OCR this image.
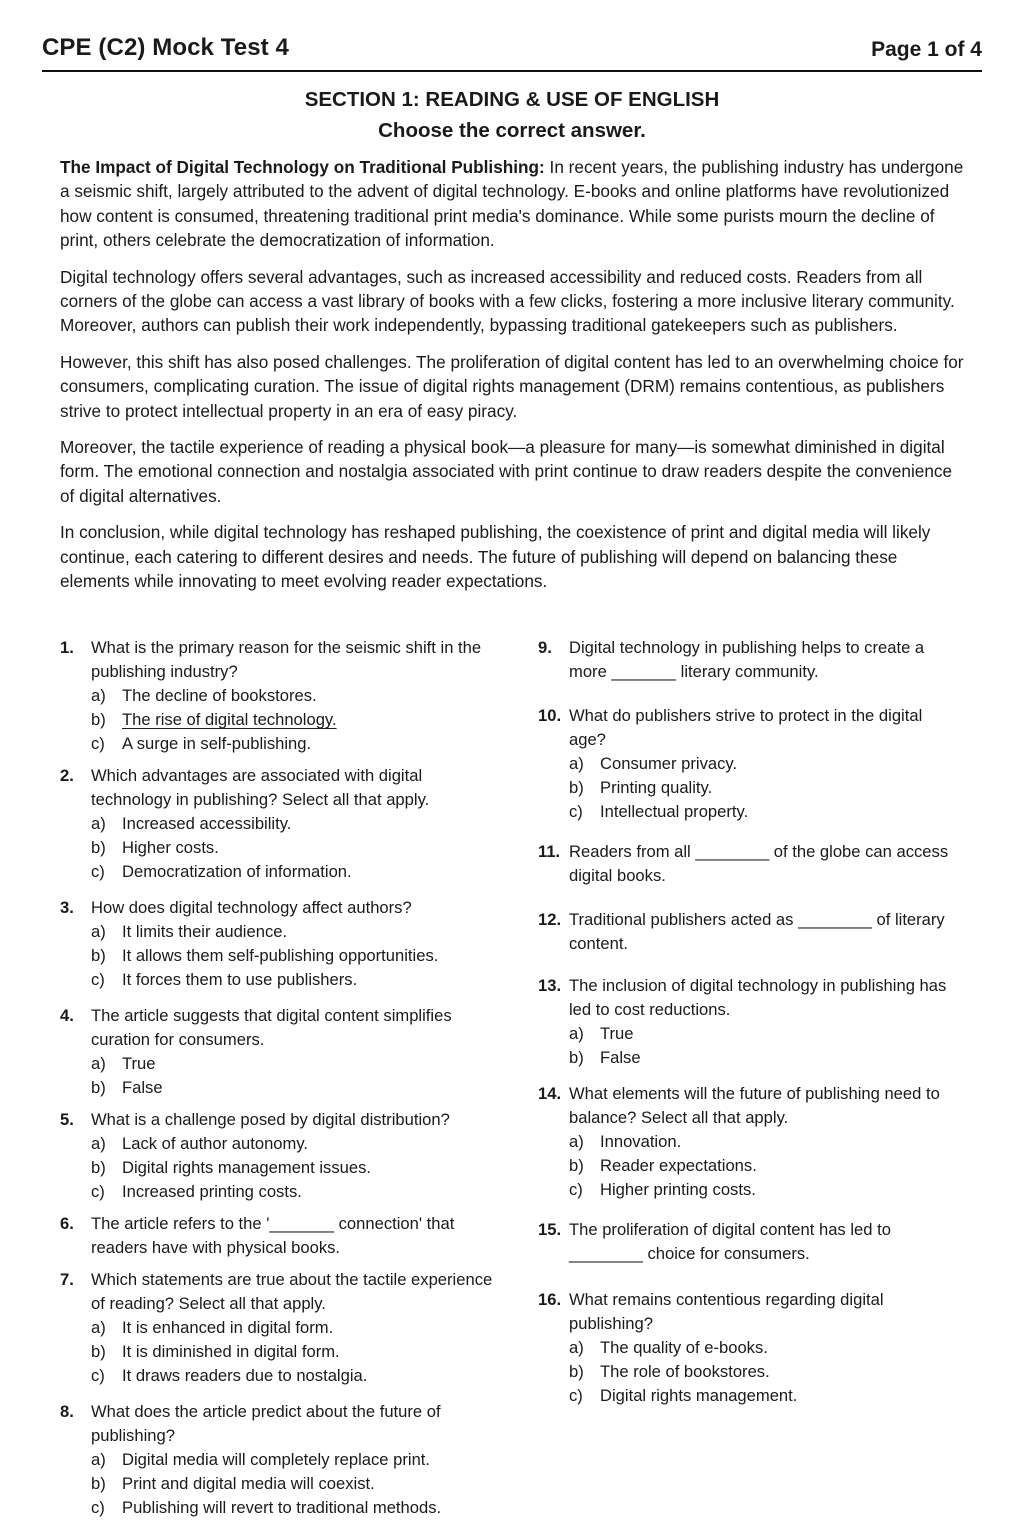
CPE (C2) Mock Test 4	Page 1 of 4
SECTION 1: READING & USE OF ENGLISH
Choose the correct answer.

The Impact of Digital Technology on Traditional Publishing: In recent years, the publishing industry has undergone a seismic shift, largely attributed to the advent of digital technology. E-books and online platforms have revolutionized how content is consumed, threatening traditional print media's dominance. While some purists mourn the decline of print, others celebrate the democratization of information.

Digital technology offers several advantages, such as increased accessibility and reduced costs. Readers from all corners of the globe can access a vast library of books with a few clicks, fostering a more inclusive literary community. Moreover, authors can publish their work independently, bypassing traditional gatekeepers such as publishers.

However, this shift has also posed challenges. The proliferation of digital content has led to an overwhelming choice for consumers, complicating curation. The issue of digital rights management (DRM) remains contentious, as publishers strive to protect intellectual property in an era of easy piracy.

Moreover, the tactile experience of reading a physical book—a pleasure for many—is somewhat diminished in digital form. The emotional connection and nostalgia associated with print continue to draw readers despite the convenience of digital alternatives.

In conclusion, while digital technology has reshaped publishing, the coexistence of print and digital media will likely continue, each catering to different desires and needs. The future of publishing will depend on balancing these elements while innovating to meet evolving reader expectations.

1. What is the primary reason for the seismic shift in the publishing industry?
a) The decline of bookstores.
b) The rise of digital technology.
c) A surge in self-publishing.
2. Which advantages are associated with digital technology in publishing? Select all that apply.
a) Increased accessibility.
b) Higher costs.
c) Democratization of information.
3. How does digital technology affect authors?
a) It limits their audience.
b) It allows them self-publishing opportunities.
c) It forces them to use publishers.
4. The article suggests that digital content simplifies curation for consumers.
a) True
b) False
5. What is a challenge posed by digital distribution?
a) Lack of author autonomy.
b) Digital rights management issues.
c) Increased printing costs.
6. The article refers to the '_______ connection' that readers have with physical books.
7. Which statements are true about the tactile experience of reading? Select all that apply.
a) It is enhanced in digital form.
b) It is diminished in digital form.
c) It draws readers due to nostalgia.
8. What does the article predict about the future of publishing?
a) Digital media will completely replace print.
b) Print and digital media will coexist.
c) Publishing will revert to traditional methods.
9. Digital technology in publishing helps to create a more _______ literary community.
10. What do publishers strive to protect in the digital age?
a) Consumer privacy.
b) Printing quality.
c) Intellectual property.
11. Readers from all ________ of the globe can access digital books.
12. Traditional publishers acted as ________ of literary content.
13. The inclusion of digital technology in publishing has led to cost reductions.
a) True
b) False
14. What elements will the future of publishing need to balance? Select all that apply.
a) Innovation.
b) Reader expectations.
c) Higher printing costs.
15. The proliferation of digital content has led to ________ choice for consumers.
16. What remains contentious regarding digital publishing?
a) The quality of e-books.
b) The role of bookstores.
c) Digital rights management.
